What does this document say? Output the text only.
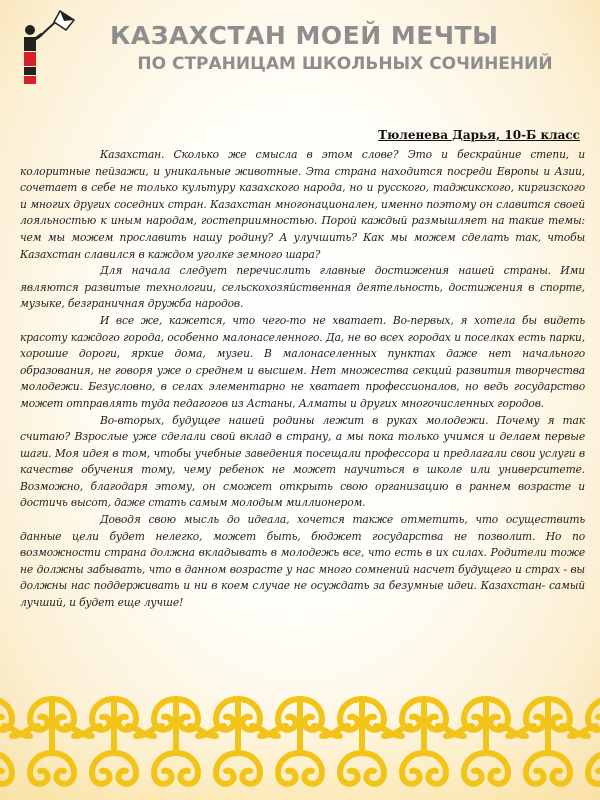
КАЗАХСТАН МОЕЙ МЕЧТЫ
ПО СТРАНИЦАМ ШКОЛЬНЫХ СОЧИНЕНИЙ

Тюленева Дарья, 10-Б класс

Казахстан. Сколько же смысла в этом слове? Это и бескрайние степи, и колоритные пейзажи, и уникальные животные. Эта страна находится посреди Европы и Азии, сочетает в себе не только культуру казахского народа, но и русского, таджикского, киргизского и многих других соседних стран. Казахстан многонационален, именно поэтому он славится своей лояльностью к иным народам, гостеприимностью. Порой каждый размышляет на такие темы: чем мы можем прославить нашу родину? А улучшить? Как мы можем сделать так, чтобы Казахстан славился в каждом уголке земного шара?

Для начала следует перечислить главные достижения нашей страны. Ими являются развитые технологии, сельскохозяйственная деятельность, достижения в спорте, музыке, безграничная дружба народов.

И все же, кажется, что чего-то не хватает. Во-первых, я хотела бы видеть красоту каждого города, особенно малонаселенного. Да, не во всех городах и поселках есть парки, хорошие дороги, яркие дома, музеи. В малонаселенных пунктах даже нет начального образования, не говоря уже о среднем и высшем. Нет множества секций развития творчества молодежи. Безусловно, в селах элементарно не хватает профессионалов, но ведь государство может отправлять туда педагогов из Астаны, Алматы и других многочисленных городов.

Во-вторых, будущее нашей родины лежит в руках молодежи. Почему я так считаю? Взрослые уже сделали свой вклад в страну, а мы пока только учимся и делаем первые шаги. Моя идея в том, чтобы учебные заведения посещали профессора и предлагали свои услуги в качестве обучения тому, чему ребенок не может научиться в школе или университете. Возможно, благодаря этому, он сможет открыть свою организацию в раннем возрасте и достичь высот, даже стать самым молодым миллионером.

Доводя свою мысль до идеала, хочется также отметить, что осуществить данные цели будет нелегко, может быть, бюджет государства не позволит. Но по возможности страна должна вкладывать в молодежь все, что есть в их силах. Родители тоже не должны забывать, что в данном возрасте у нас много сомнений насчет будущего и страх - вы должны нас поддерживать и ни в коем случае не осуждать за безумные идеи. Казахстан- самый лучший, и будет еще лучше!
